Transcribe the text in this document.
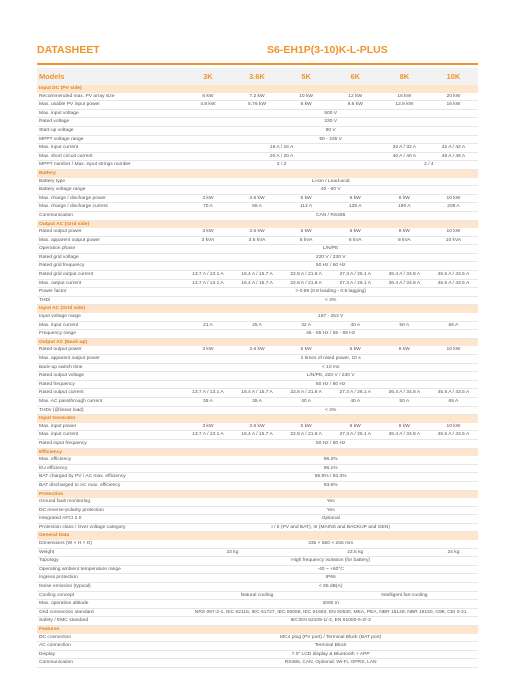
DATASHEET	S6-EH1P(3-10)K-L-PLUS
Models	3K	3.6K	5K	6K	8K	10K
Input DC (PV side)						
Recommended max. PV array size	6 kW	7.2 kW	10 kW	12 kW	16 kW	20 kW
Max. usable PV input power	4.8 kW	5.76 kW	8 kW	9.6 kW	12.8 kW	16 kW
Max. input voltage	500 V					
Rated voltage	330 V					
Start-up voltage	90 V					
MPPT voltage range	90 - 435 V					
Max. input current	16 A / 16 A				32 A / 32 A	42 A / 42 A
Max. short circuit current	20 A / 20 A				40 A / 40 A	48 A / 48 A
MPPT number / Max. input strings number	2 / 2				2 / 4	
Battery						
Battery type	Li-ion / Lead-acid					
Battery voltage range	40 - 60 V					
Max. charge / discharge power	3 kW	3.6 kW	5 kW	6 kW	8 kW	10 kW
Max. charge / discharge current	70 A	88 A	112 A	135 A	190 A	208 A
Communication	CAN / RS485					
Output AC (Grid side)						
Rated output power	3 kW	3.6 kW	5 kW	6 kW	8 kW	10 kW
Max. apparent output power	3 kVA	3.6 kVA	5 kVA	6 kVA	8 kVA	10 kVA
Operation phase	L/N/PE					
Rated grid voltage	220 V / 230 V					
Rated grid frequency	50 Hz / 60 Hz					
Rated grid output current	13.7 A / 13.1 A	16.4 A / 15.7 A	22.8 A / 21.8 A	27.3 A / 26.1 A	36.4 A / 34.8 A	45.5 A / 43.5 A
Max. output current	13.7 A / 13.1 A	16.4 A / 15.7 A	22.8 A / 21.8 A	27.3 A / 26.1 A	36.4 A / 34.8 A	45.5 A / 43.5 A
Power factor	> 0.99 (0.8 leading - 0.8 lagging)					
THDi	< 3%					
Input AC (Grid side)						
Input voltage range	187 - 253 V					
Max. input current	21 A	25 A	32 A	40 A	50 A	65 A
Frequency range	45 - 55 Hz / 55 - 65 Hz					
Output AC (Back-up)						
Rated output power	3 kW	3.6 kW	5 kW	6 kW	8 kW	10 kW
Max. apparent output power	2 times of rated power, 10 s					
Back-up switch time	< 10 ms					
Rated output voltage	L/N/PE, 220 V / 230 V					
Rated frequency	50 Hz / 60 Hz					
Rated output current	13.7 A / 13.1 A	16.4 A / 15.7 A	22.8 A / 21.8 A	27.3 A / 26.1 A	36.4 A / 34.8 A	45.5 A / 43.5 A
Max. AC passthrough current	35 A	35 A	40 A	40 A	50 A	65 A
THDv (@linear load)	< 2%					
Input Generator						
Max. input power	3 kW	3.6 kW	5 kW	6 kW	8 kW	10 kW
Max. input current	13.7 A / 13.1 A	16.4 A / 15.7 A	22.8 A / 21.8 A	27.3 A / 26.1 A	36.4 A / 34.8 A	45.5 A / 43.5 A
Rated input frequency	50 Hz / 60 Hz					
Efficiency						
Max. efficiency	96.2%					
EU efficiency	96.1%					
BAT charged by PV / AC max. efficiency	95.9% / 93.3%					
BAT discharged to AC max. efficiency	93.6%					
Protection						
Ground fault monitoring	Yes					
DC reverse-polarity protection	Yes					
Integrated AFCI 2.0	Optional					
Protection class / Over voltage category	I / II (PV and BAT), III (MAINS and BACKUP and GEN)					
General Data						
Dimensions (W × H × D)	335 × 560 × 255 mm					
Weight	23 kg		23.5 kg			24 kg
Topology	High frequency isolation (for battery)					
Operating ambient temperature range	-40 ~ +60°C					
Ingress protection	IP66					
Noise emission (typical)	< 65 dB(A)					
Cooling concept	Natural cooling			Intelligent fan-cooling		
Max. operation altitude	3000 m					
Grid connection standard	NRS 097-2-1, IEC 62116, IEC 61727, IEC 60068, IEC 61683, EN 50530, MEA, PEA, NBR 16149, NBR 16150, G98, CEI 0-21					
Safety / EMC standard	IEC/EN 62109-1/-2, EN 61000-6-2/-3					
Features						
DC connection	MC4 plug (PV port) / Terminal Block (BAT port)					
AC connection	Terminal Block					
Display	7.0" LCD display & Bluetooth + APP					
Communication	RS485, CAN, Optional: Wi-Fi, GPRS, LAN					
